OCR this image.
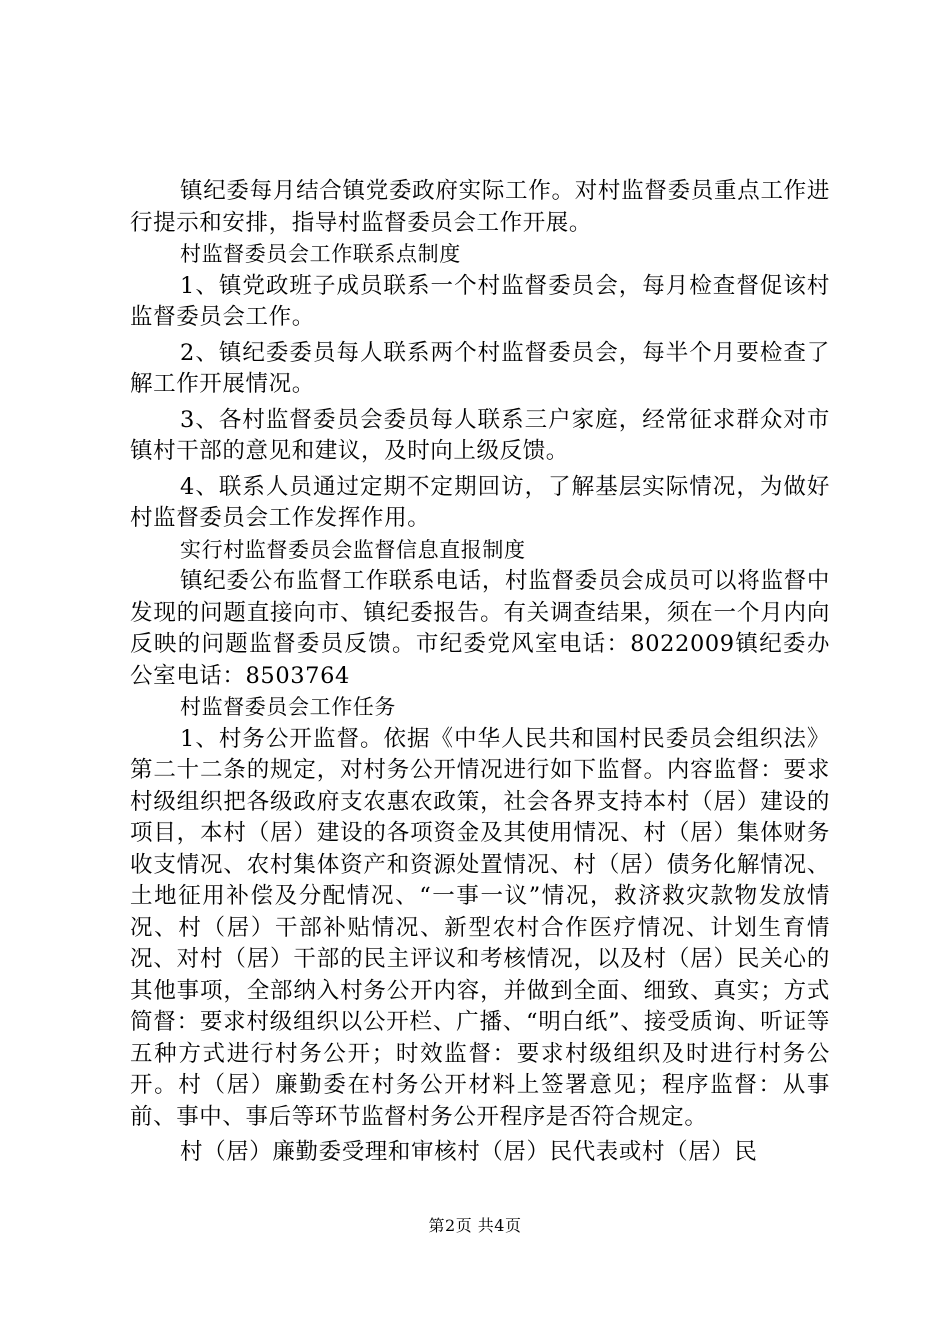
镇纪委每月结合镇党委政府实际工作。对村监督委员重点工作进行提示和安排，指导村监督委员会工作开展。

村监督委员会工作联系点制度

1、镇党政班子成员联系一个村监督委员会，每月检查督促该村监督委员会工作。

2、镇纪委委员每人联系两个村监督委员会，每半个月要检查了解工作开展情况。

3、各村监督委员会委员每人联系三户家庭，经常征求群众对市镇村干部的意见和建议，及时向上级反馈。

4、联系人员通过定期不定期回访，了解基层实际情况，为做好村监督委员会工作发挥作用。

实行村监督委员会监督信息直报制度

镇纪委公布监督工作联系电话，村监督委员会成员可以将监督中发现的问题直接向市、镇纪委报告。有关调查结果，须在一个月内向反映的问题监督委员反馈。市纪委党风室电话：8022009镇纪委办公室电话：8503764

村监督委员会工作任务

1、村务公开监督。依据《中华人民共和国村民委员会组织法》第二十二条的规定，对村务公开情况进行如下监督。内容监督：要求村级组织把各级政府支农惠农政策，社会各界支持本村（居）建设的项目，本村（居）建设的各项资金及其使用情况、村（居）集体财务收支情况、农村集体资产和资源处置情况、村（居）债务化解情况、土地征用补偿及分配情况、“一事一议”情况，救济救灾款物发放情况、村（居）干部补贴情况、新型农村合作医疗情况、计划生育情况、对村（居）干部的民主评议和考核情况，以及村（居）民关心的其他事项，全部纳入村务公开内容，并做到全面、细致、真实；方式简督：要求村级组织以公开栏、广播、“明白纸”、接受质询、听证等五种方式进行村务公开；时效监督：要求村级组织及时进行村务公开。村（居）廉勤委在村务公开材料上签署意见；程序监督：从事前、事中、事后等环节监督村务公开程序是否符合规定。

村（居）廉勤委受理和审核村（居）民代表或村（居）民

第2页 共4页
